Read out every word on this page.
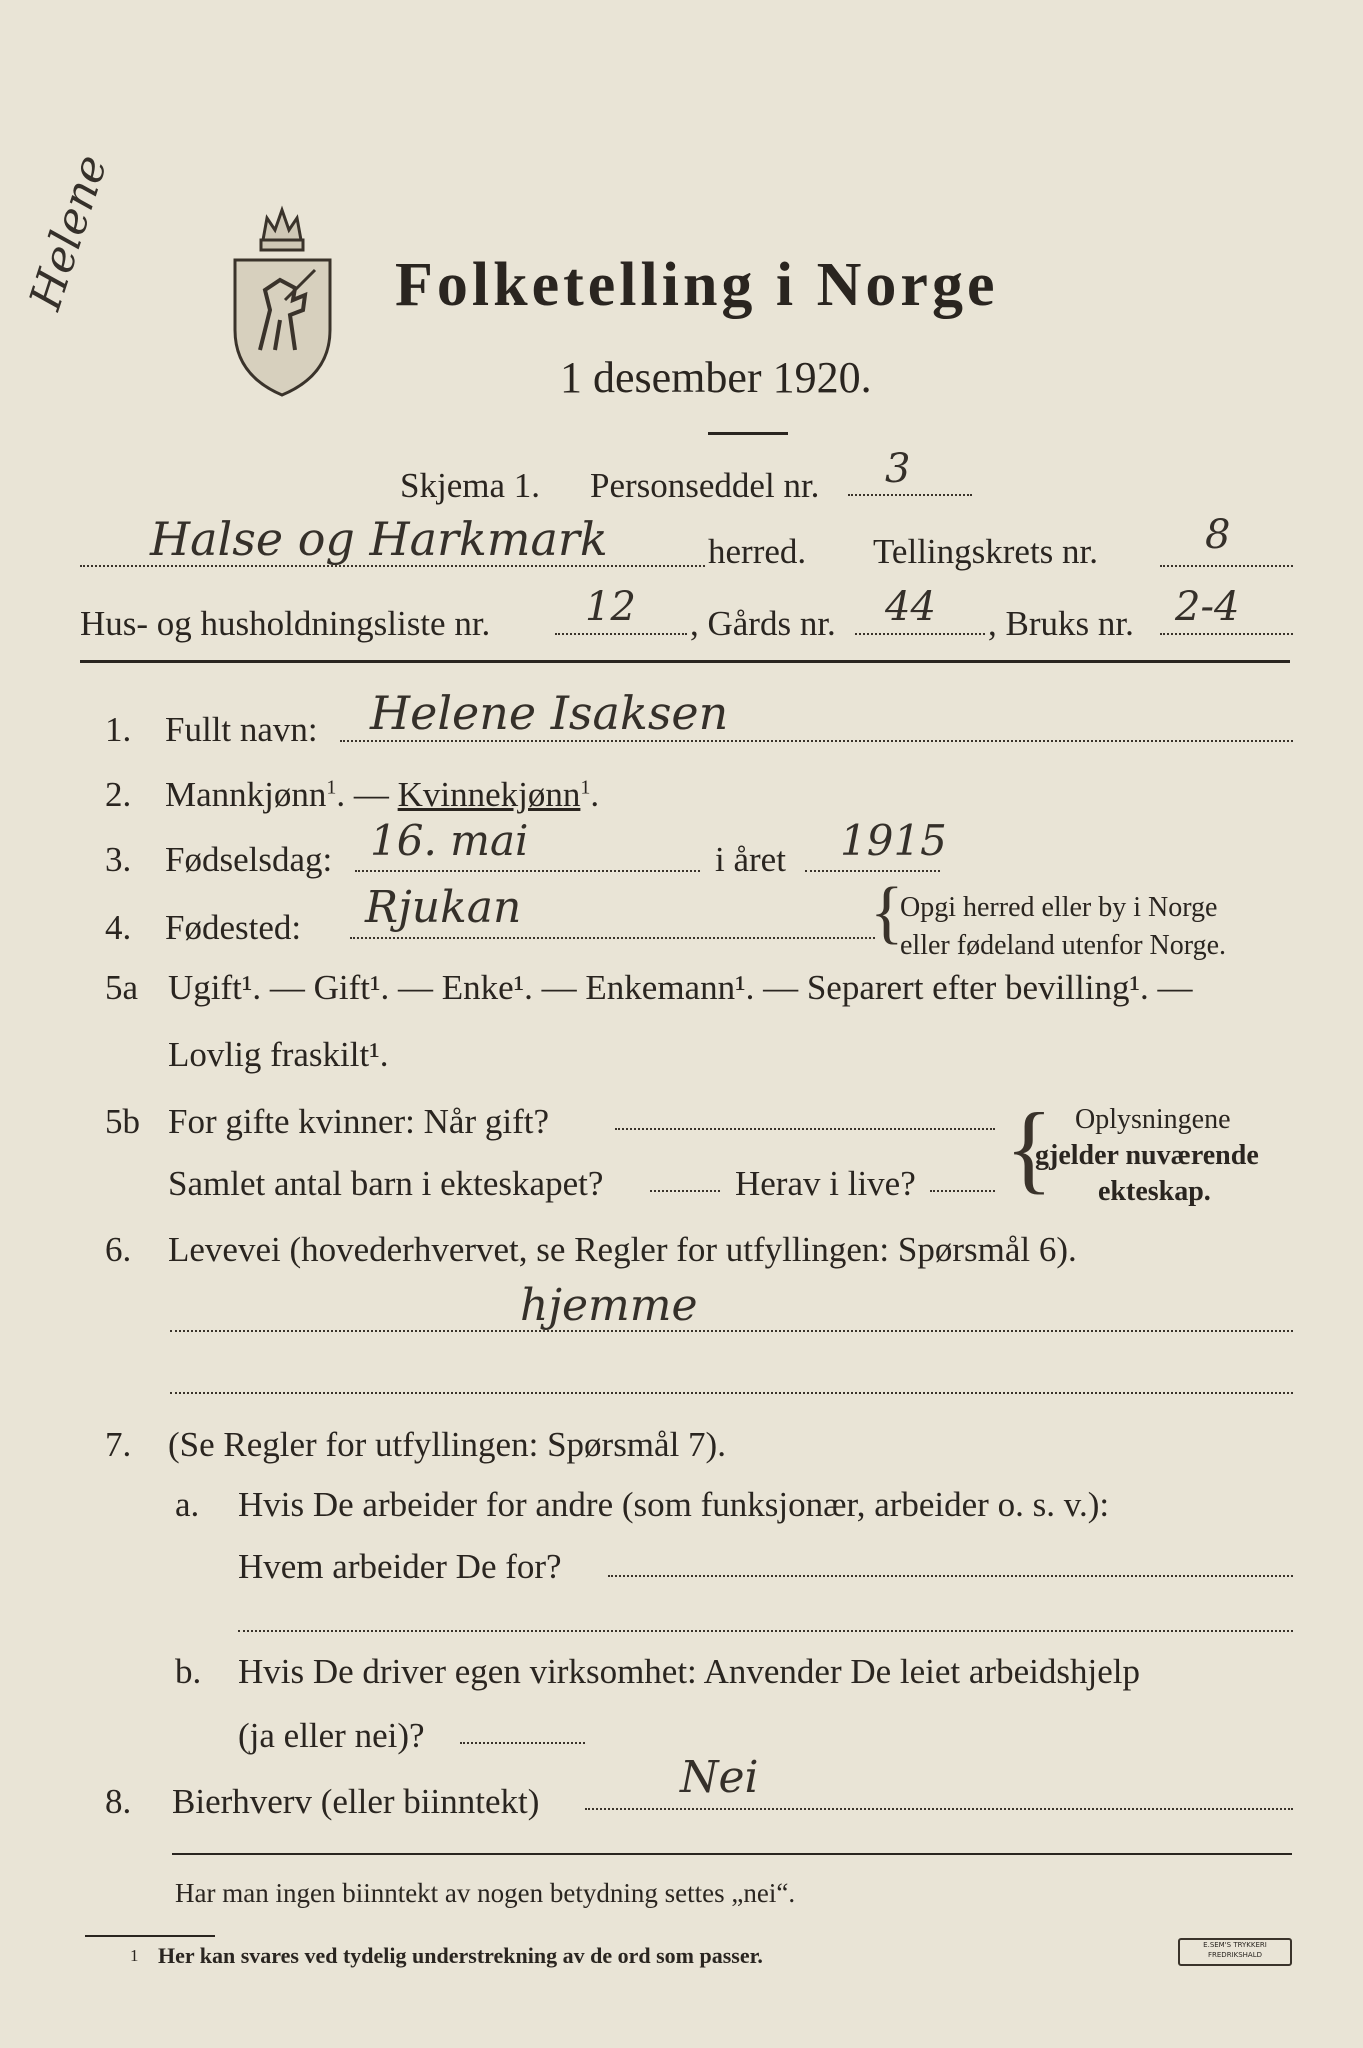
Helene	Folketelling i Norge
1 desember 1920.
Skjema 1. Personseddel nr. 3
Halse og Harkmark	herred. Tellingskrets nr.	8
Hus- og husholdningsliste nr. 12 , Gårds nr. 44 , Bruks nr. 2-4
1. Fullt navn: Helene Isaksen
2. Mannkjønn$^1$. — Kvinnekjønn$^1$.
3. Fødselsdag: 16. mai	i året 1915
4. Fødested: Rjukan	{
Opgi herred eller by i Norge
eller fødeland utenfor Norge.
5a Ugift¹. — Gift¹. — Enke¹. — Enkemann¹. — Separert efter bevilling¹. —
Lovlig fraskilt¹.
5b For gifte kvinner: Når gift?
Samlet antal barn i ekteskapet?	Herav i live? { Oplysningene
gjelder nuværende
ekteskap.
6. Levevei (hovederhvervet, se Regler for utfyllingen: Spørsmål 6).
hjemme
7. (Se Regler for utfyllingen: Spørsmål 7).
a. Hvis De arbeider for andre (som funksjonær, arbeider o. s. v.):
Hvem arbeider De for?
b. Hvis De driver egen virksomhet: Anvender De leiet arbeidshjelp
(ja eller nei)?
8. Bierhverv (eller biinntekt)	Nei
Har man ingen biinntekt av nogen betydning settes „nei“.
1 Her kan svares ved tydelig understrekning av de ord som passer.	E.SEM'S TRYKKERI FREDRIKSHALD
